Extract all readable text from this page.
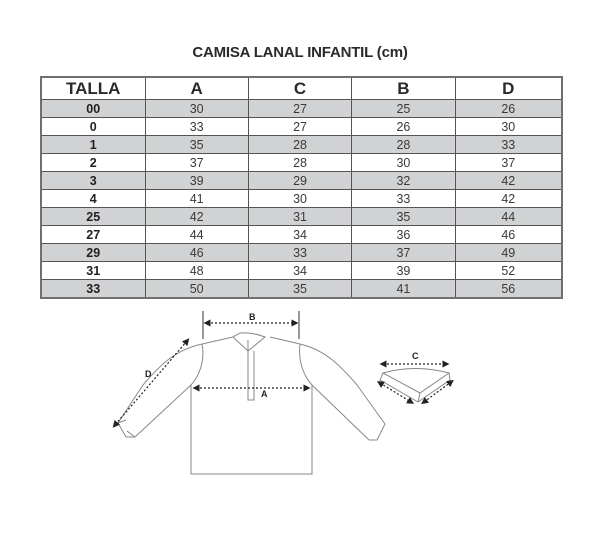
CAMISA LANAL INFANTIL (cm)
TALLA	A	C	B	D
00	30	27	25	26
0	33	27	26	30
1	35	28	28	33
2	37	28	30	37
3	39	29	32	42
4	41	30	33	42
25	42	31	35	44
27	44	34	36	46
29	46	33	37	49
31	48	34	39	52
33	50	35	41	56
B
A
D
C
